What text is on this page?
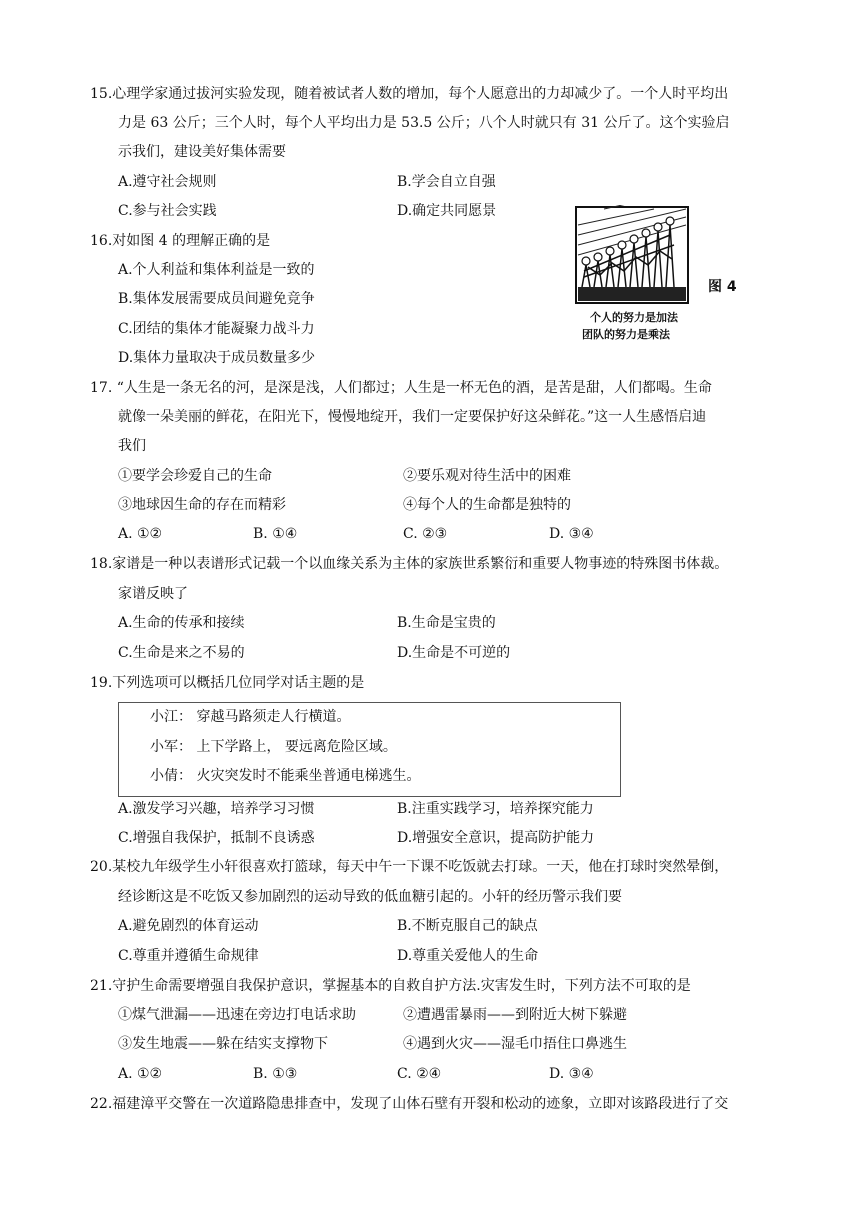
15.心理学家通过拔河实验发现，随着被试者人数的增加，每个人愿意出的力却减少了。一个人时平均出
力是 63 公斤；三个人时，每个人平均出力是 53.5 公斤；八个人时就只有 31 公斤了。这个实验启
示我们，建设美好集体需要
A.遵守社会规则	B.学会自立自强
C.参与社会实践	D.确定共同愿景
16.对如图 4 的理解正确的是
A.个人利益和集体利益是一致的
B.集体发展需要成员间避免竞争
C.团结的集体才能凝聚力战斗力
D.集体力量取决于成员数量多少
图 4
个人的努力是加法
团队的努力是乘法
17. “人生是一条无名的河，是深是浅，人们都过；人生是一杯无色的酒，是苦是甜，人们都喝。生命
就像一朵美丽的鲜花，在阳光下，慢慢地绽开，我们一定要保护好这朵鲜花。”这一人生感悟启迪
我们
①要学会珍爱自己的生命	②要乐观对待生活中的困难
③地球因生命的存在而精彩	④每个人的生命都是独特的
A. ①②	B. ①④	C. ②③	D. ③④
18.家谱是一种以表谱形式记载一个以血缘关系为主体的家族世系繁衍和重要人物事迹的特殊图书体裁。
家谱反映了
A.生命的传承和接续	B.生命是宝贵的
C.生命是来之不易的	D.生命是不可逆的
19.下列选项可以概括几位同学对话主题的是
小江： 穿越马路须走人行横道。
小军： 上下学路上， 要远离危险区域。
小倩： 火灾突发时不能乘坐普通电梯逃生。
A.激发学习兴趣，培养学习习惯	B.注重实践学习，培养探究能力
C.增强自我保护，抵制不良诱惑	D.增强安全意识，提高防护能力
20.某校九年级学生小轩很喜欢打篮球，每天中午一下课不吃饭就去打球。一天，他在打球时突然晕倒，
经诊断这是不吃饭又参加剧烈的运动导致的低血糖引起的。小轩的经历警示我们要
A.避免剧烈的体育运动	B.不断克服自己的缺点
C.尊重并遵循生命规律	D.尊重关爱他人的生命
21.守护生命需要增强自我保护意识，掌握基本的自救自护方法.灾害发生时，下列方法不可取的是
①煤气泄漏——迅速在旁边打电话求助	②遭遇雷暴雨——到附近大树下躲避
③发生地震——躲在结实支撑物下	④遇到火灾——湿毛巾捂住口鼻逃生
A. ①②	B. ①③	C. ②④	D. ③④
22.福建漳平交警在一次道路隐患排查中，发现了山体石壁有开裂和松动的迹象，立即对该路段进行了交
